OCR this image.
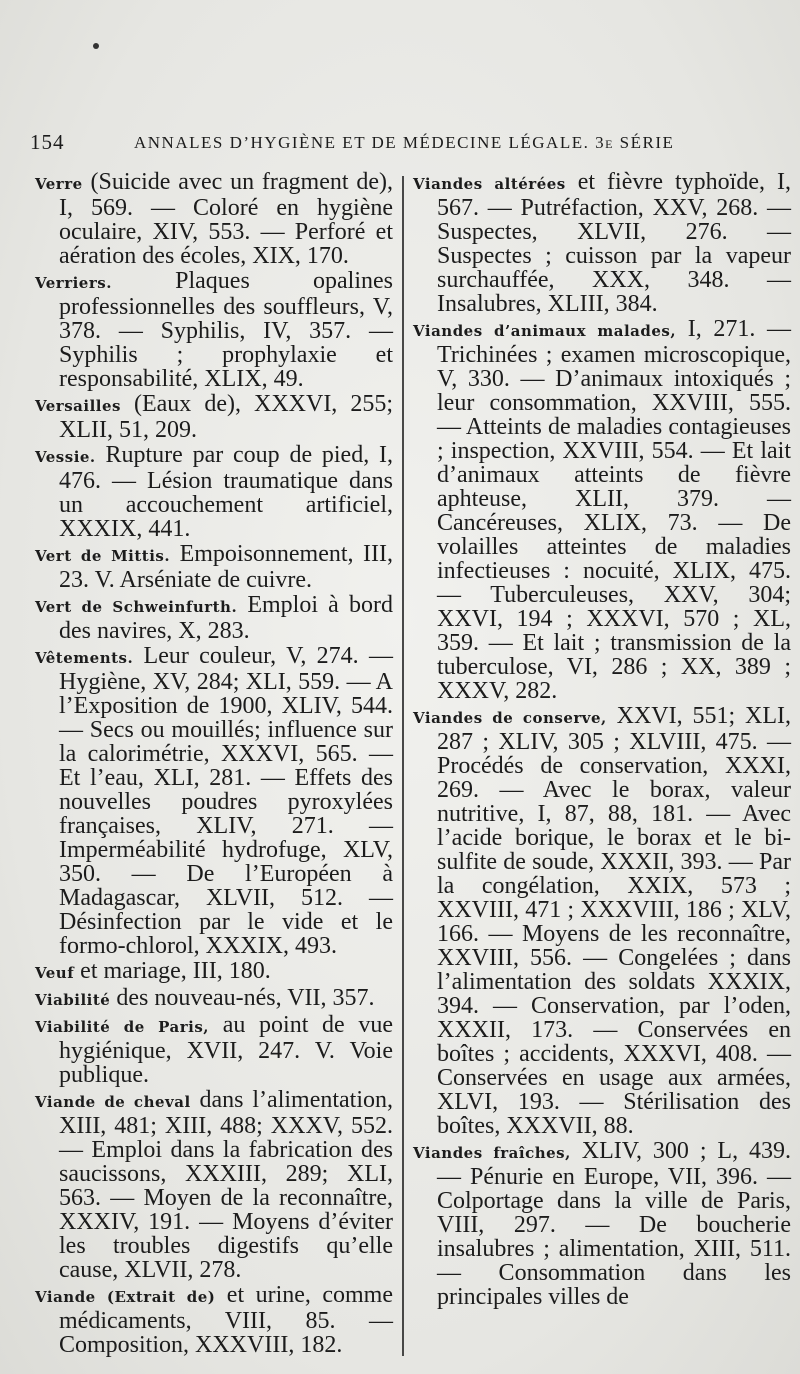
154	ANNALES D’HYGIÈNE ET DE MÉDECINE LÉGALE. 3e SÉRIE

Verre (Suicide avec un fragment de), I, 569. — Coloré en hygiène oculaire, XIV, 553. — Perforé et aération des écoles, XIX, 170.

Verriers. Plaques opalines professionnelles des souffleurs, V, 378. — Syphilis, IV, 357. — Syphilis ; prophylaxie et responsabilité, XLIX, 49.

Versailles (Eaux de), XXXVI, 255; XLII, 51, 209.

Vessie. Rupture par coup de pied, I, 476. — Lésion traumatique dans un accouchement artificiel, XXXIX, 441.

Vert de Mittis. Empoisonnement, III, 23. V. Arséniate de cuivre.

Vert de Schweinfurth. Emploi à bord des navires, X, 283.

Vêtements. Leur couleur, V, 274. — Hygiène, XV, 284; XLI, 559. — A l’Exposition de 1900, XLIV, 544. — Secs ou mouillés; influence sur la calorimétrie, XXXVI, 565. — Et l’eau, XLI, 281. — Effets des nouvelles poudres pyroxylées françaises, XLIV, 271. — Imperméabilité hydrofuge, XLV, 350. — De l’Européen à Madagascar, XLVII, 512. — Désinfection par le vide et le formo-chlorol, XXXIX, 493.

Veuf et mariage, III, 180.

Viabilité des nouveau-nés, VII, 357.

Viabilité de Paris, au point de vue hygiénique, XVII, 247. V. Voie publique.

Viande de cheval dans l’alimentation, XIII, 481; XIII, 488; XXXV, 552. — Emploi dans la fabrication des saucissons, XXXIII, 289; XLI, 563. — Moyen de la reconnaître, XXXIV, 191. — Moyens d’éviter les troubles digestifs qu’elle cause, XLVII, 278.

Viande (Extrait de) et urine, comme médicaments, VIII, 85. — Composition, XXXVIII, 182.

Viandes altérées et fièvre typhoïde, I, 567. — Putréfaction, XXV, 268. — Suspectes, XLVII, 276. — Suspectes ; cuisson par la vapeur surchauffée, XXX, 348. — Insalubres, XLIII, 384.

Viandes d’animaux malades, I, 271. — Trichinées ; examen microscopique, V, 330. — D’animaux intoxiqués ; leur consommation, XXVIII, 555. — Atteints de maladies contagieuses ; inspection, XXVIII, 554. — Et lait d’animaux atteints de fièvre aphteuse, XLII, 379. — Cancéreuses, XLIX, 73. — De volailles atteintes de maladies infectieuses : nocuité, XLIX, 475. — Tuberculeuses, XXV, 304; XXVI, 194 ; XXXVI, 570 ; XL, 359. — Et lait ; transmission de la tuberculose, VI, 286 ; XX, 389 ; XXXV, 282.

Viandes de conserve, XXVI, 551; XLI, 287 ; XLIV, 305 ; XLVIII, 475. — Procédés de conservation, XXXI, 269. — Avec le borax, valeur nutritive, I, 87, 88, 181. — Avec l’acide borique, le borax et le bi-sulfite de soude, XXXII, 393. — Par la congélation, XXIX, 573 ; XXVIII, 471 ; XXXVIII, 186 ; XLV, 166. — Moyens de les reconnaître, XXVIII, 556. — Congelées ; dans l’alimentation des soldats XXXIX, 394. — Conservation, par l’oden, XXXII, 173. — Conservées en boîtes ; accidents, XXXVI, 408. — Conservées en usage aux armées, XLVI, 193. — Stérilisation des boîtes, XXXVII, 88.

Viandes fraîches, XLIV, 300 ; L, 439. — Pénurie en Europe, VII, 396. — Colportage dans la ville de Paris, VIII, 297. — De boucherie insalubres ; alimentation, XIII, 511. — Consommation dans les principales villes de
